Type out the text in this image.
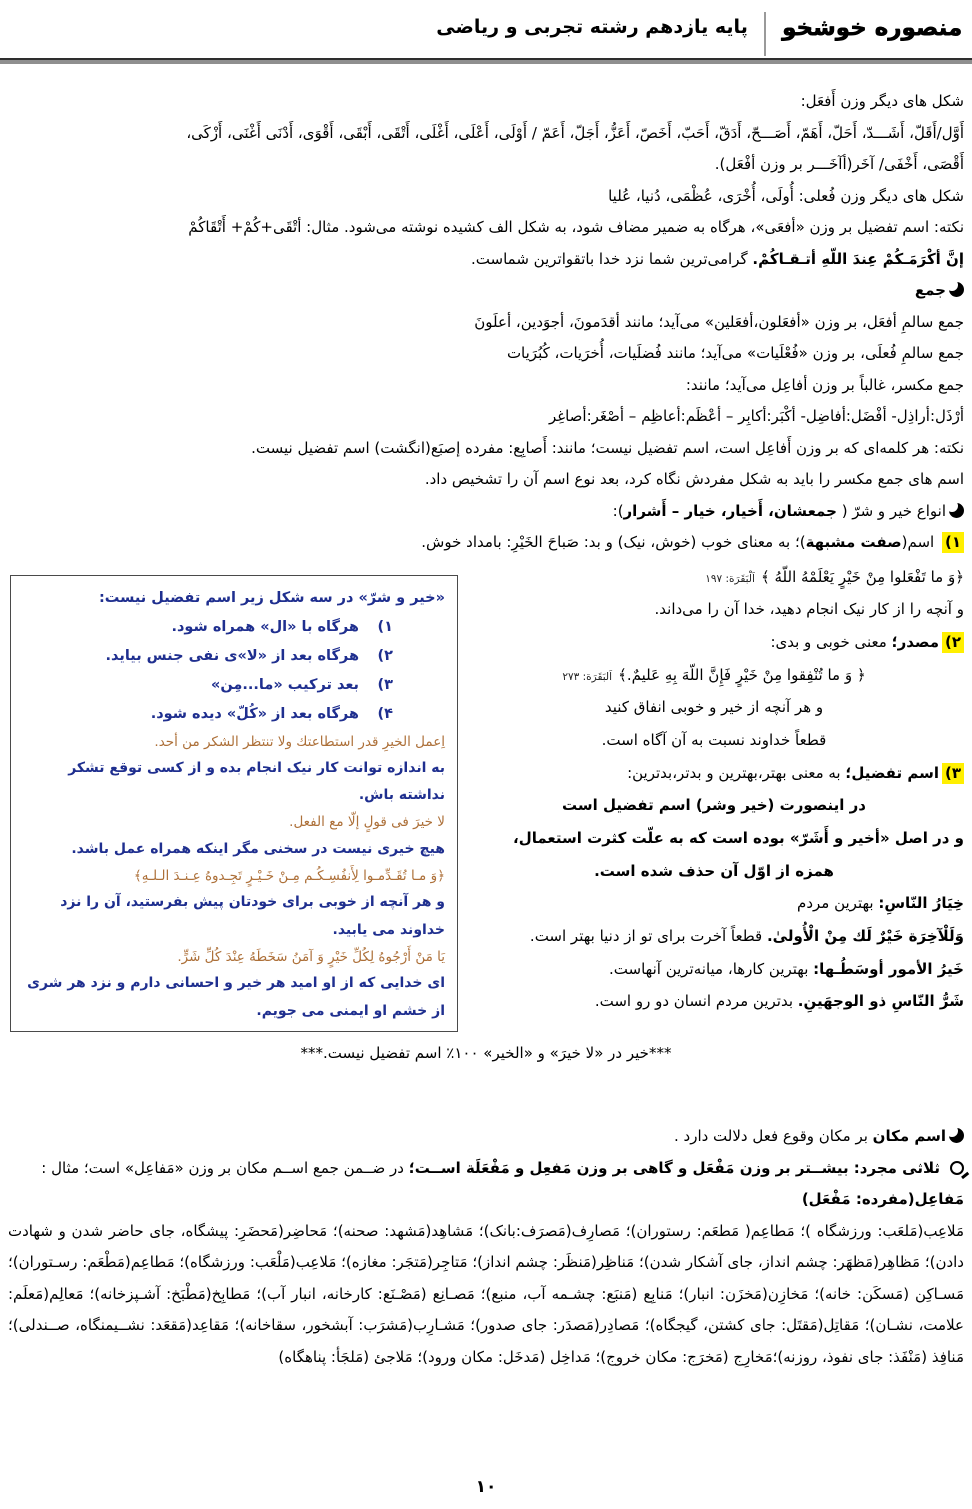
منصوره خوشخو
پایه یازدهم رشته تجربی و ریاضی
شکل های دیگر وزن أَفعَل:
أَوَّل/أَقَلّ، أَشَـــدّ، أَحَلّ، أَهَمّ، أَصَـــحّ، أَدَقّ، أَحَبّ، أَخَصّ، أَعَزُّ، أَجَلّ، أَعَمّ / أَوْلَی، أَعْلَی، أَغْلَی، أَتْقَی، أَبْقَی، أَقْوَی، أَدْنَی أَغْنَی، أَزْکَی،
أَقْصَی، أَخْفَی/ آخَر(أآخَـــر بر وزن أفْعَل).
شکل های دیگر وزن فُعلی: أُولَی، أُخْرَی، عُظْمَی، دُنیا، عُلیا
نکته: اسم تفضیل بر وزن «أفعَی»، هرگاه به ضمیر مضاف شود، به شکل الف کشیده نوشته می‌شود. مثال: أتْقَی+کُمْ+ أَتْقَاکُمْ
إنَّ أکْرَمَـکُمْ عِندَ اللّهِ أتـقـاکُمْ. گرامی‌ترین شما نزد خدا باتقواترین شماست.
جمع
جمع سالمِ أفعَل، بر وزن «أفعَلون،أفعَلین» می‌آید؛ مانند أقدَمونَ، أجوَدین، أعلَونَ
جمع سالمِ فُعلَی، بر وزن «فُعْلَیات» می‌آید؛ مانند فُضلَیات، أُخرَیات، کُبُرَیات
جمع مکسر، غالباً بر وزن أفاعِل می‌آید؛ مانند:
أرْذَل:أراذِل- أفْضَل:أفاضِل- أکْبَر:أکابِر – أعْظَم:أعاظِم – أصْغَر:أصاغِر
نکته: هر کلمه‌ای که بر وزن أَفاعِل است، اسم تفضیل نیست؛ مانند: أَصابِع: مفرده إصبَع(انگشت) اسم تفضیل نیست.
اسم های جمع مکسر را باید به شکل مفردش نگاه کرد، بعد نوع اسم آن را تشخیص داد.
انواع خیر و شرّ ( جمعشان، أَخیار، خیار – أَشرار):
۱) اسم(صفت مشبهة)؛ به معنای خوب (خوش، نیک) و بد: صَباحَ الخَیْرِ: بامداد خوش.
﴿وَ ما تَفْعَلوا مِنْ خَیْرٍ یَعْلَمْهُ اللّهُ ﴾اَلْبَقَرَة: ۱۹۷
و آنچه را از کار نیک انجام دهید، خدا آن را می‌داند.
۲)مصدر؛ معنی خوبی و بدی:
﴿ وَ ما تُنْفِقوا مِنْ خَیْرٍ فَإِنَّ اللّهَ بِهِ عَلیمٌ.﴾اَلبَقَرَة: ۲۷۳
و هر آنچه از خیر و خوبی انفاق کنید
قطعاً خداوند نسبت به آن آگاه است.
۳)اسم تفضیل؛ به معنی بهتر،بهترین و بدتر،بدترین:
در اینصورت (خیر وشر) اسم تفضیل است
و در اصل «أخیر و أَشَرّ» بوده است که به علّت کثرت استعمال،
همزه از اوّل آن حذف شده است.
خِیَارُ النّاسِ: بهترین مردم
وَلَلْآخِرَة خَیْرٌ لَك مِنْ الْأُولیٰ. قطعاً آخرت برای تو از دنیا بهتر است.
خَیرُ الأمور أوسَطُـها: بهترین کارها، میانه‌ترین آنهاست.
شَرُّ النّاسِ ذو الوجهَینِ. بدترین مردم انسان دو رو است.
«خیر و شرّ» در سه شکل زیر اسم تفضیل نیست:
۱)هرگاه با «ال» همراه شود.
۲)هرگاه بعد از «لا»ی نفی جنس بیاید.
۳)بعد ترکیب «ما...مِن»
۴)هرگاه بعد از «کُلّ» دیده شود.
اِعمل الخیرِ قدر استطاعتك ولا تنتظر الشكر من أحد.
به اندازه توانت کار نیک انجام بده و از کسی توقع تشکر نداشته باش.
لا خیرَ فی قولٍ إلّا مع الفعل.
هیچ خیری نیست در سخنی مگر اینکه همراه عمل باشد.
﴿وَ مـا تُقَـدِّمـوا لِأَنفُسِـکُـم مِـنْ خَـیْـرٍ تَجِـدوهُ عِـنـدَ الـلـهِ﴾
و هر آنچه از خوبی برای خودتان پیش بفرستید، آن را نزد خداوند می یابید.
یَا مَنْ أَرْجُوهُ لِکُلِّ خَیْرٍ وَ آمَنُ سَخَطَهُ عِنْدَ کُلِّ شَرٍّ.
ای خدایی که از او امید هر خیر و احسانی دارم و نزد هر شری از خشم او ایمنی می جویم.
***خیر در «لا خیرَ» و «الخیر» ۱۰۰٪ اسم تفضیل نیست.***
اسم مکان بر مکان وقوع فعل دلالت دارد .
ثلاثی مجرد: بیشــتر بر وزن مَفْعَل و گاهی بر وزن مَفعِل و مَفْعَلَة اســت؛ در ضــمن جمع اســم مکان بر وزن «مَفاعِل» است؛ مثال :
مَفاعِل(مفرده: مَفْعَل)
مَلاعِب(مَلعَب: ورزشگاه )؛ مَطاعِم( مَطعَم: رستوران)؛ مَصارِف(مَصرَف:بانک)؛ مَشاهِد(مَشهد: صحنه)؛ مَحاضِر(مَحضَرِ: پیشگاه، جای حاضر شدن و شهادت دادن)؛ مَظاهِر(مَظهَر: چشم انداز، جای آشکار شدن)؛ مَناظِر(مَنظَر: چشم انداز)؛ مَتاجِر(مَتجَر: مغازه)؛ مَلاعِب(مَلْعَب: ورزشگاه)؛ مَطاعِم(مَطْعَم: رسـتوران)؛ مَسـاکِن (مَسکَن: خانه)؛ مَخازِن(مَخزَن: انبار)؛ مَنابِع (مَنبَع: چشـمه آب، منبع)؛ مَصـانِع (مَصْـنَع: کارخانه، انبار آب)؛ مَطابِخ(مَطْبَخ: آشـپزخانه)؛ مَعالِم(مَعلَم: علامت، نشـان)؛ مَقاتِل(مَقتَل: جای کشتن، گیجگاه)؛ مَصادِر(مَصدَر: جای صدور)؛ مَشـارِب(مَشرَب: آبشخور، سقاخانه)؛ مَقاعِد(مَقعَد: نشــیمنگاه، صــندلی)؛ مَنافِذ (مَنْفَذ: جای نفوذ، روزنه)؛مَخارِج (مَخرَج: مکان خروج)؛ مَداخِل (مَدخَل: مکان ورود)؛ مَلاجئ (مَلجَأ: پناهگاه)
۱۰
